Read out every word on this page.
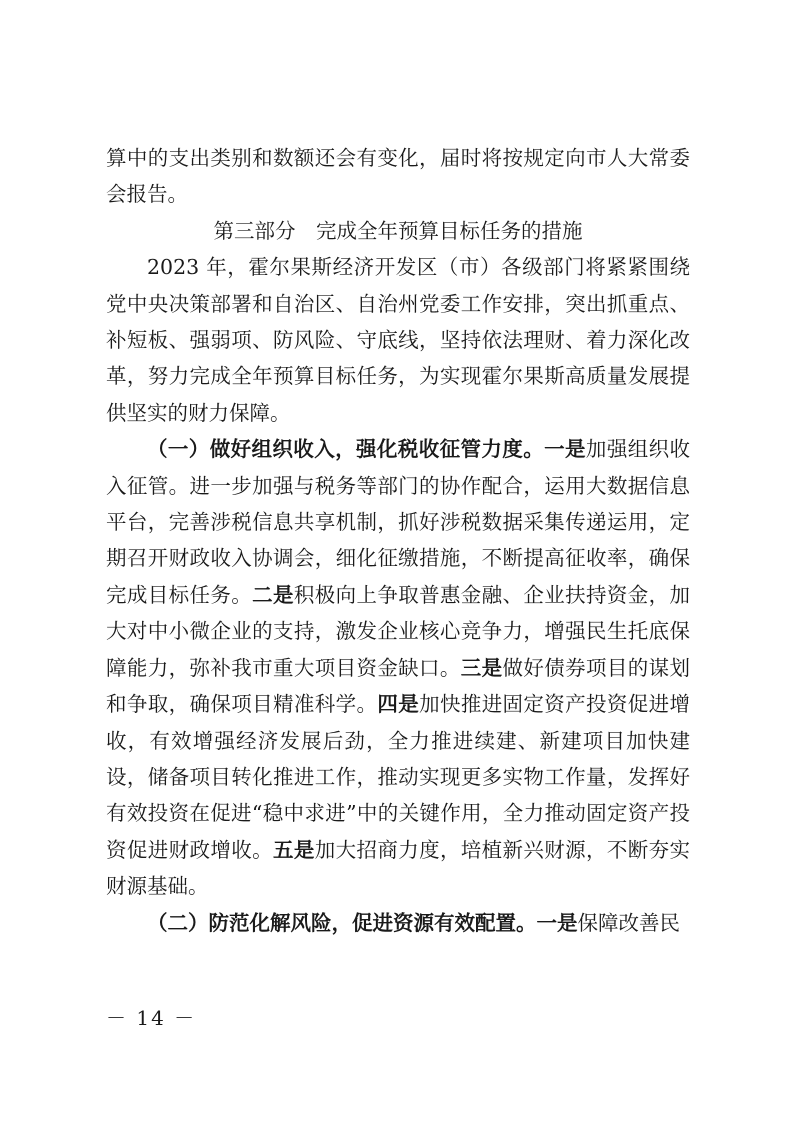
算中的支出类别和数额还会有变化，届时将按规定向市人大常委会报告。

第三部分　完成全年预算目标任务的措施

2023 年，霍尔果斯经济开发区（市）各级部门将紧紧围绕党中央决策部署和自治区、自治州党委工作安排，突出抓重点、补短板、强弱项、防风险、守底线，坚持依法理财、着力深化改革，努力完成全年预算目标任务，为实现霍尔果斯高质量发展提供坚实的财力保障。

（一）做好组织收入，强化税收征管力度。一是加强组织收入征管。进一步加强与税务等部门的协作配合，运用大数据信息平台，完善涉税信息共享机制，抓好涉税数据采集传递运用，定期召开财政收入协调会，细化征缴措施，不断提高征收率，确保完成目标任务。二是积极向上争取普惠金融、企业扶持资金，加大对中小微企业的支持，激发企业核心竞争力，增强民生托底保障能力，弥补我市重大项目资金缺口。三是做好债券项目的谋划和争取，确保项目精准科学。四是加快推进固定资产投资促进增收，有效增强经济发展后劲，全力推进续建、新建项目加快建设，储备项目转化推进工作，推动实现更多实物工作量，发挥好有效投资在促进“稳中求进”中的关键作用，全力推动固定资产投资促进财政增收。五是加大招商力度，培植新兴财源，不断夯实财源基础。

（二）防范化解风险，促进资源有效配置。一是保障改善民

－ 14 －
